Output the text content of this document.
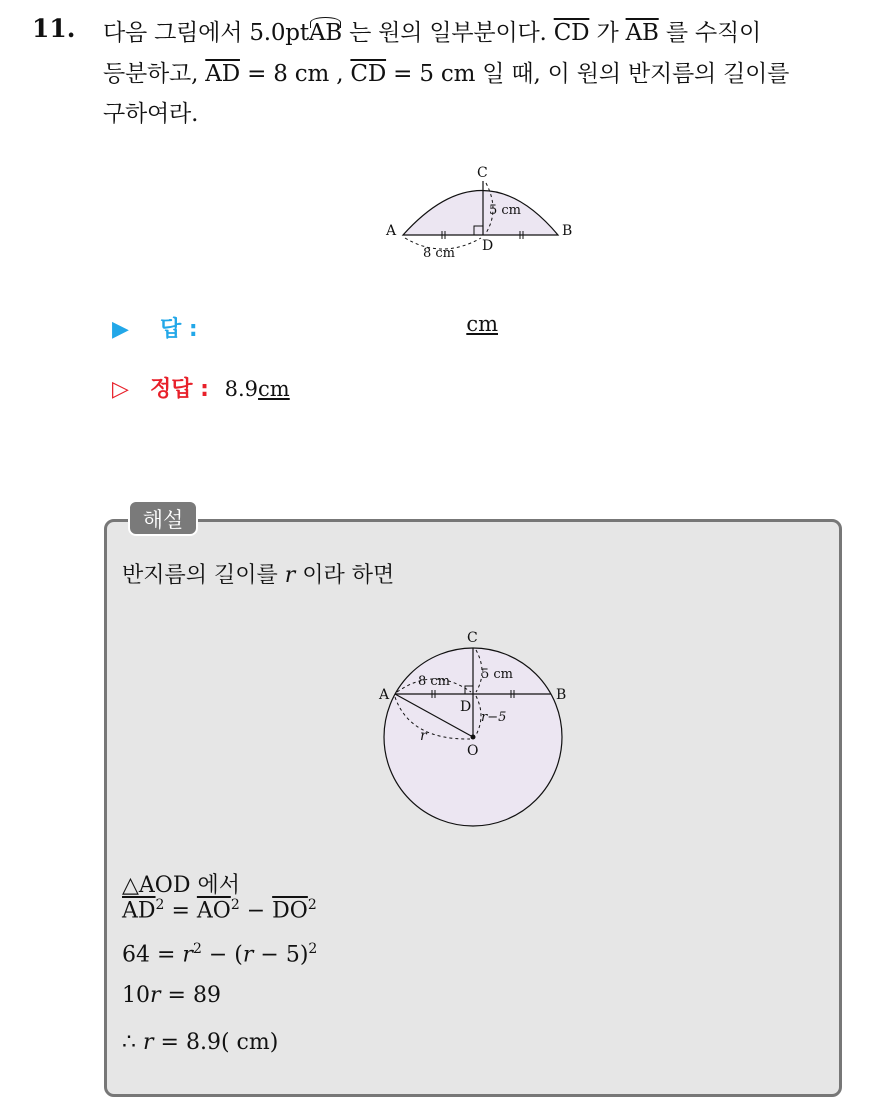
11. 다음 그림에서 5.0ptAB 는 원의 일부분이다. $\overline{CD}$ 가 $\overline{AB}$ 를 수직이
등분하고, $\overline{AD} = 8$ cm , $\overline{CD} = 5$ cm 일 때, 이 원의 반지름의 길이를
구하여라.
C
A	B
D
5 cm
8 cm
▶ 답 :	cm
▷ 정답 : 8.9cm
해설
반지름의 길이를 r 이라 하면
C
A	B
D
O
5 cm
8 cm
r−5
r
△AOD 에서
$\overline{AD}^2 = \overline{AO}^2 - \overline{DO}^2$
$64 = r^2 - (r - 5)^2$
10r = 89
∴ r = 8.9( cm)
